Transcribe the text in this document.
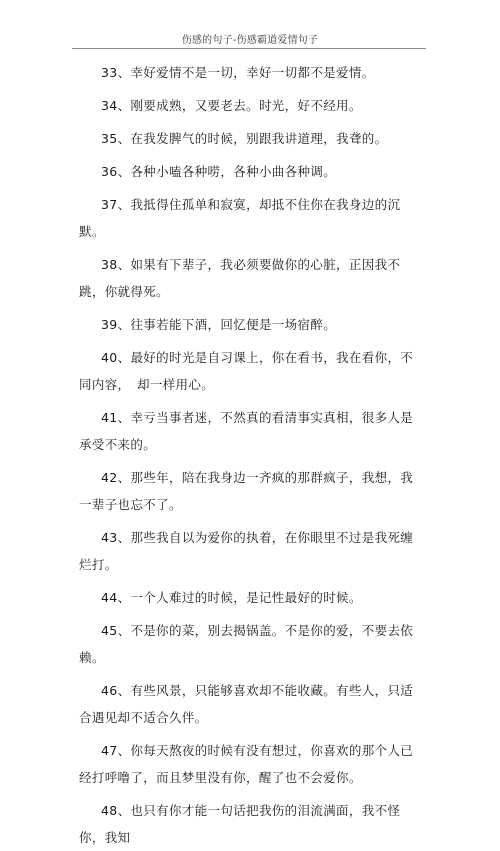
伤感的句子-伤感霸道爱情句子

33、幸好爱情不是一切，幸好一切都不是爱情。

34、刚要成熟，又要老去。时光，好不经用。

35、在我发脾气的时候，别跟我讲道理，我聋的。

36、各种小嗑各种唠，各种小曲各种调。

37、我抵得住孤单和寂寞，却抵不住你在我身边的沉默。

38、如果有下辈子，我必须要做你的心脏，正因我不跳，你就得死。

39、往事若能下酒，回忆便是一场宿醉。

40、最好的时光是自习课上，你在看书，我在看你，不同内容，　却一样用心。

41、幸亏当事者迷，不然真的看清事实真相，很多人是承受不来的。

42、那些年，陪在我身边一齐疯的那群疯子，我想，我一辈子也忘不了。

43、那些我自以为爱你的执着，在你眼里不过是我死缠烂打。

44、一个人难过的时候，是记性最好的时候。

45、不是你的菜，别去揭锅盖。不是你的爱，不要去依赖。

46、有些风景，只能够喜欢却不能收藏。有些人，只适合遇见却不适合久伴。

47、你每天熬夜的时候有没有想过，你喜欢的那个人已经打呼噜了，而且梦里没有你，醒了也不会爱你。

48、也只有你才能一句话把我伤的泪流满面，我不怪你，我知
